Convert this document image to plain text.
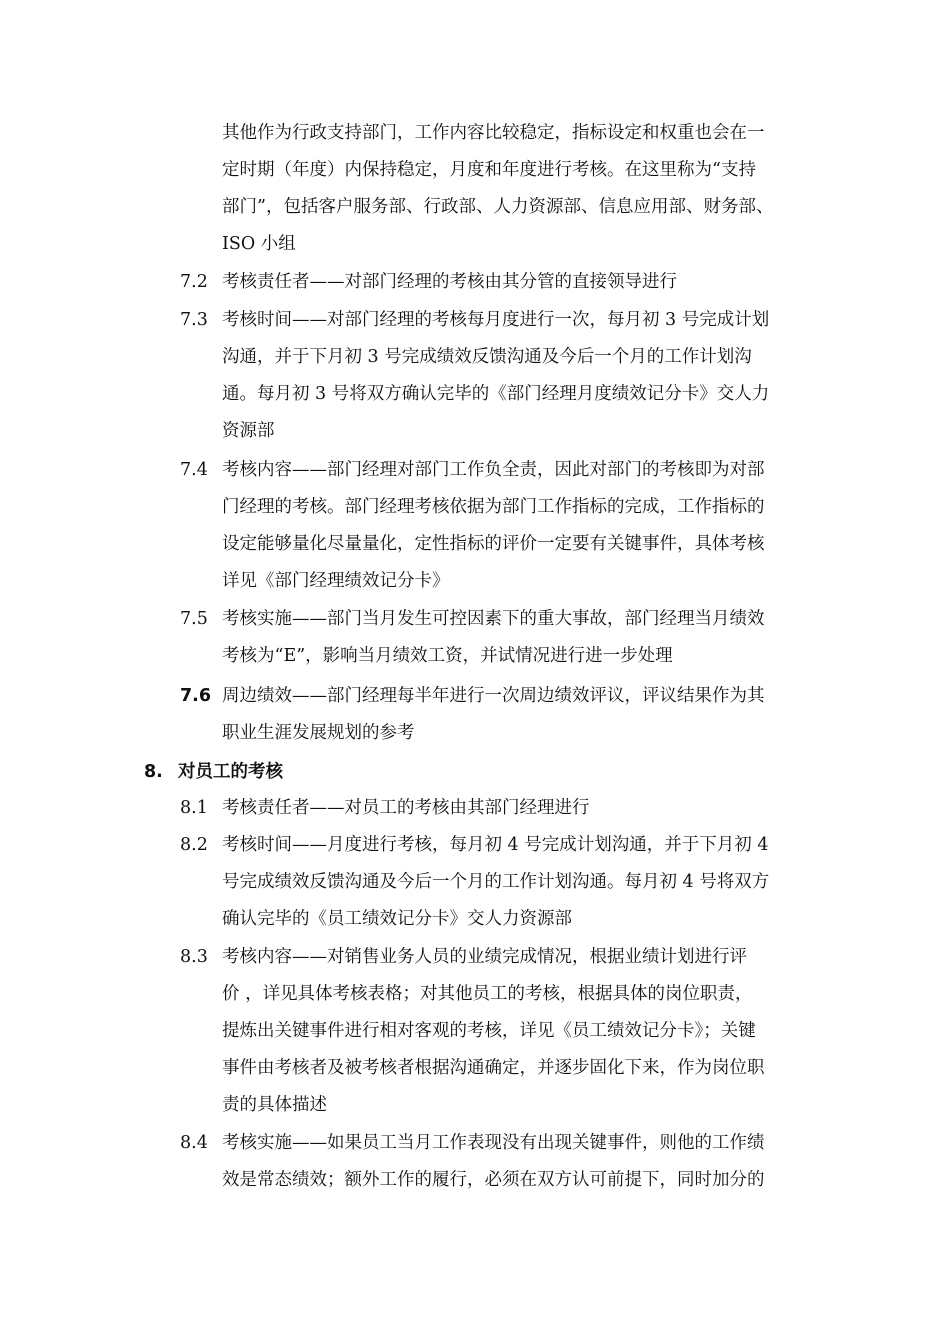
其他作为行政支持部门，工作内容比较稳定，指标设定和权重也会在一
定时期（年度）内保持稳定，月度和年度进行考核。在这里称为“支持
部门”，包括客户服务部、行政部、人力资源部、信息应用部、财务部、
ISO 小组
7.2 考核责任者——对部门经理的考核由其分管的直接领导进行
7.3 考核时间——对部门经理的考核每月度进行一次，每月初 3 号完成计划
沟通，并于下月初 3 号完成绩效反馈沟通及今后一个月的工作计划沟
通。每月初 3 号将双方确认完毕的《部门经理月度绩效记分卡》交人力
资源部
7.4 考核内容——部门经理对部门工作负全责，因此对部门的考核即为对部
门经理的考核。部门经理考核依据为部门工作指标的完成，工作指标的
设定能够量化尽量量化，定性指标的评价一定要有关键事件，具体考核
详见《部门经理绩效记分卡》
7.5 考核实施——部门当月发生可控因素下的重大事故，部门经理当月绩效
考核为“E”，影响当月绩效工资，并试情况进行进一步处理
7.6 周边绩效——部门经理每半年进行一次周边绩效评议，评议结果作为其
职业生涯发展规划的参考
8. 对员工的考核
8.1 考核责任者——对员工的考核由其部门经理进行
8.2 考核时间——月度进行考核，每月初 4 号完成计划沟通，并于下月初 4
号完成绩效反馈沟通及今后一个月的工作计划沟通。每月初 4 号将双方
确认完毕的《员工绩效记分卡》交人力资源部
8.3 考核内容——对销售业务人员的业绩完成情况，根据业绩计划进行评
价 ，详见具体考核表格；对其他员工的考核，根据具体的岗位职责，
提炼出关键事件进行相对客观的考核，详见《员工绩效记分卡》；关键
事件由考核者及被考核者根据沟通确定，并逐步固化下来，作为岗位职
责的具体描述
8.4 考核实施——如果员工当月工作表现没有出现关键事件，则他的工作绩
效是常态绩效；额外工作的履行，必须在双方认可前提下，同时加分的
